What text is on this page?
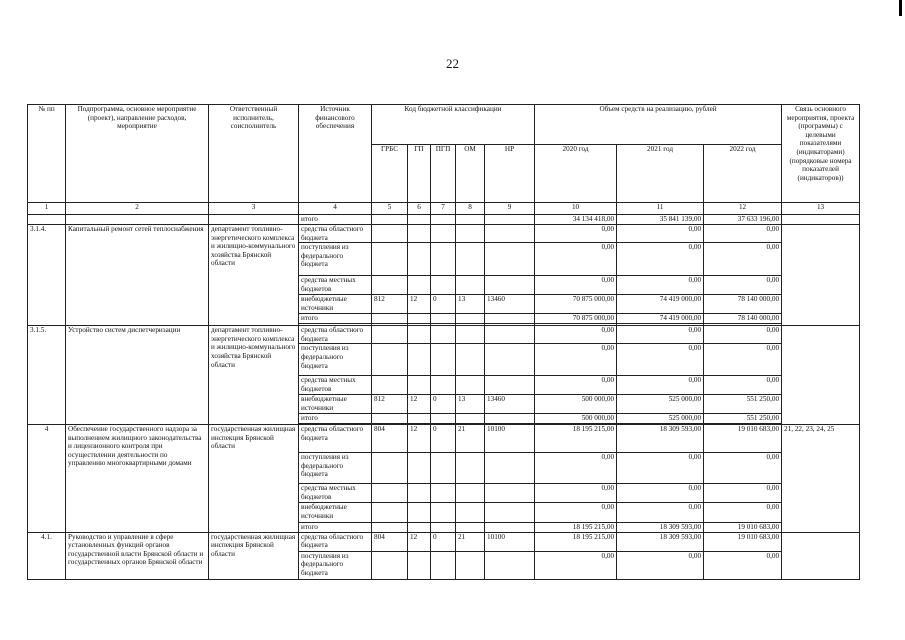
22
№ пп	Подпрограмма, основное мероприятие (проект), направление расходов, мероприятие	Ответственный исполнитель, соисполнитель	Источник финансового обеспечения	Код бюджетной классификации					Объем средств на реализацию, рублей			Связь основного мероприятия, проекта (программы) с целевыми показателями (индикаторами) (порядковые номера показателей (индикаторов))
				ГРБС	ГП	ПГП	ОМ	НР	2020 год	2021 год	2022 год	
1	2	3	4	5	6	7	8	9	10	11	12	13
			итого						34 134 418,00	35 841 139,00	37 633 196,00	
3.1.4.	Капитальный ремонт сетей теплоснабжения	департамент топливно-энергетического комплекса и жилищно-коммунального хозяйства Брянской области	средства областного бюджета						0,00	0,00	0,00	
			поступления из федерального бюджета						0,00	0,00	0,00	
			средства местных бюджетов						0,00	0,00	0,00	
			внебюджетные источники	812	12	0	13	13460	70 875 000,00	74 419 000,00	78 140 000,00	
			итого						70 875 000,00	74 419 000,00	78 140 000,00	

3.1.5.	Устройство систем диспетчеризации	департамент топливно-энергетического комплекса и жилищно-коммунального хозяйства Брянской области	средства областного бюджета						0,00	0,00	0,00	
			поступления из федерального бюджета						0,00	0,00	0,00	
			средства местных бюджетов						0,00	0,00	0,00	
			внебюджетные источники	812	12	0	13	13460	500 000,00	525 000,00	551 250,00	
			итого						500 000,00	525 000,00	551 250,00	

4	Обеспечение государственного надзора за выполнением жилищного законодательства и лицензионного контроля при осуществлении деятельности по управлению многоквартирными домами	государственная жилищная инспекция Брянской области	средства областного бюджета	804	12	0	21	10100	18 195 215,00	18 309 593,00	19 010 683,00	21, 22, 23, 24, 25
			поступления из федерального бюджета						0,00	0,00	0,00	
			средства местных бюджетов						0,00	0,00	0,00	
			внебюджетные источники						0,00	0,00	0,00	
			итого						18 195 215,00	18 309 593,00	19 010 683,00	
4.1.	Руководство и управление в сфере установленных функций органов государственной власти Брянской области и государственных органов Брянской области	государственная жилищная инспекция Брянской области	средства областного бюджета	804	12	0	21	10100	18 195 215,00	18 309 593,00	19 010 683,00	
			поступления из федерального бюджета						0,00	0,00	0,00	
